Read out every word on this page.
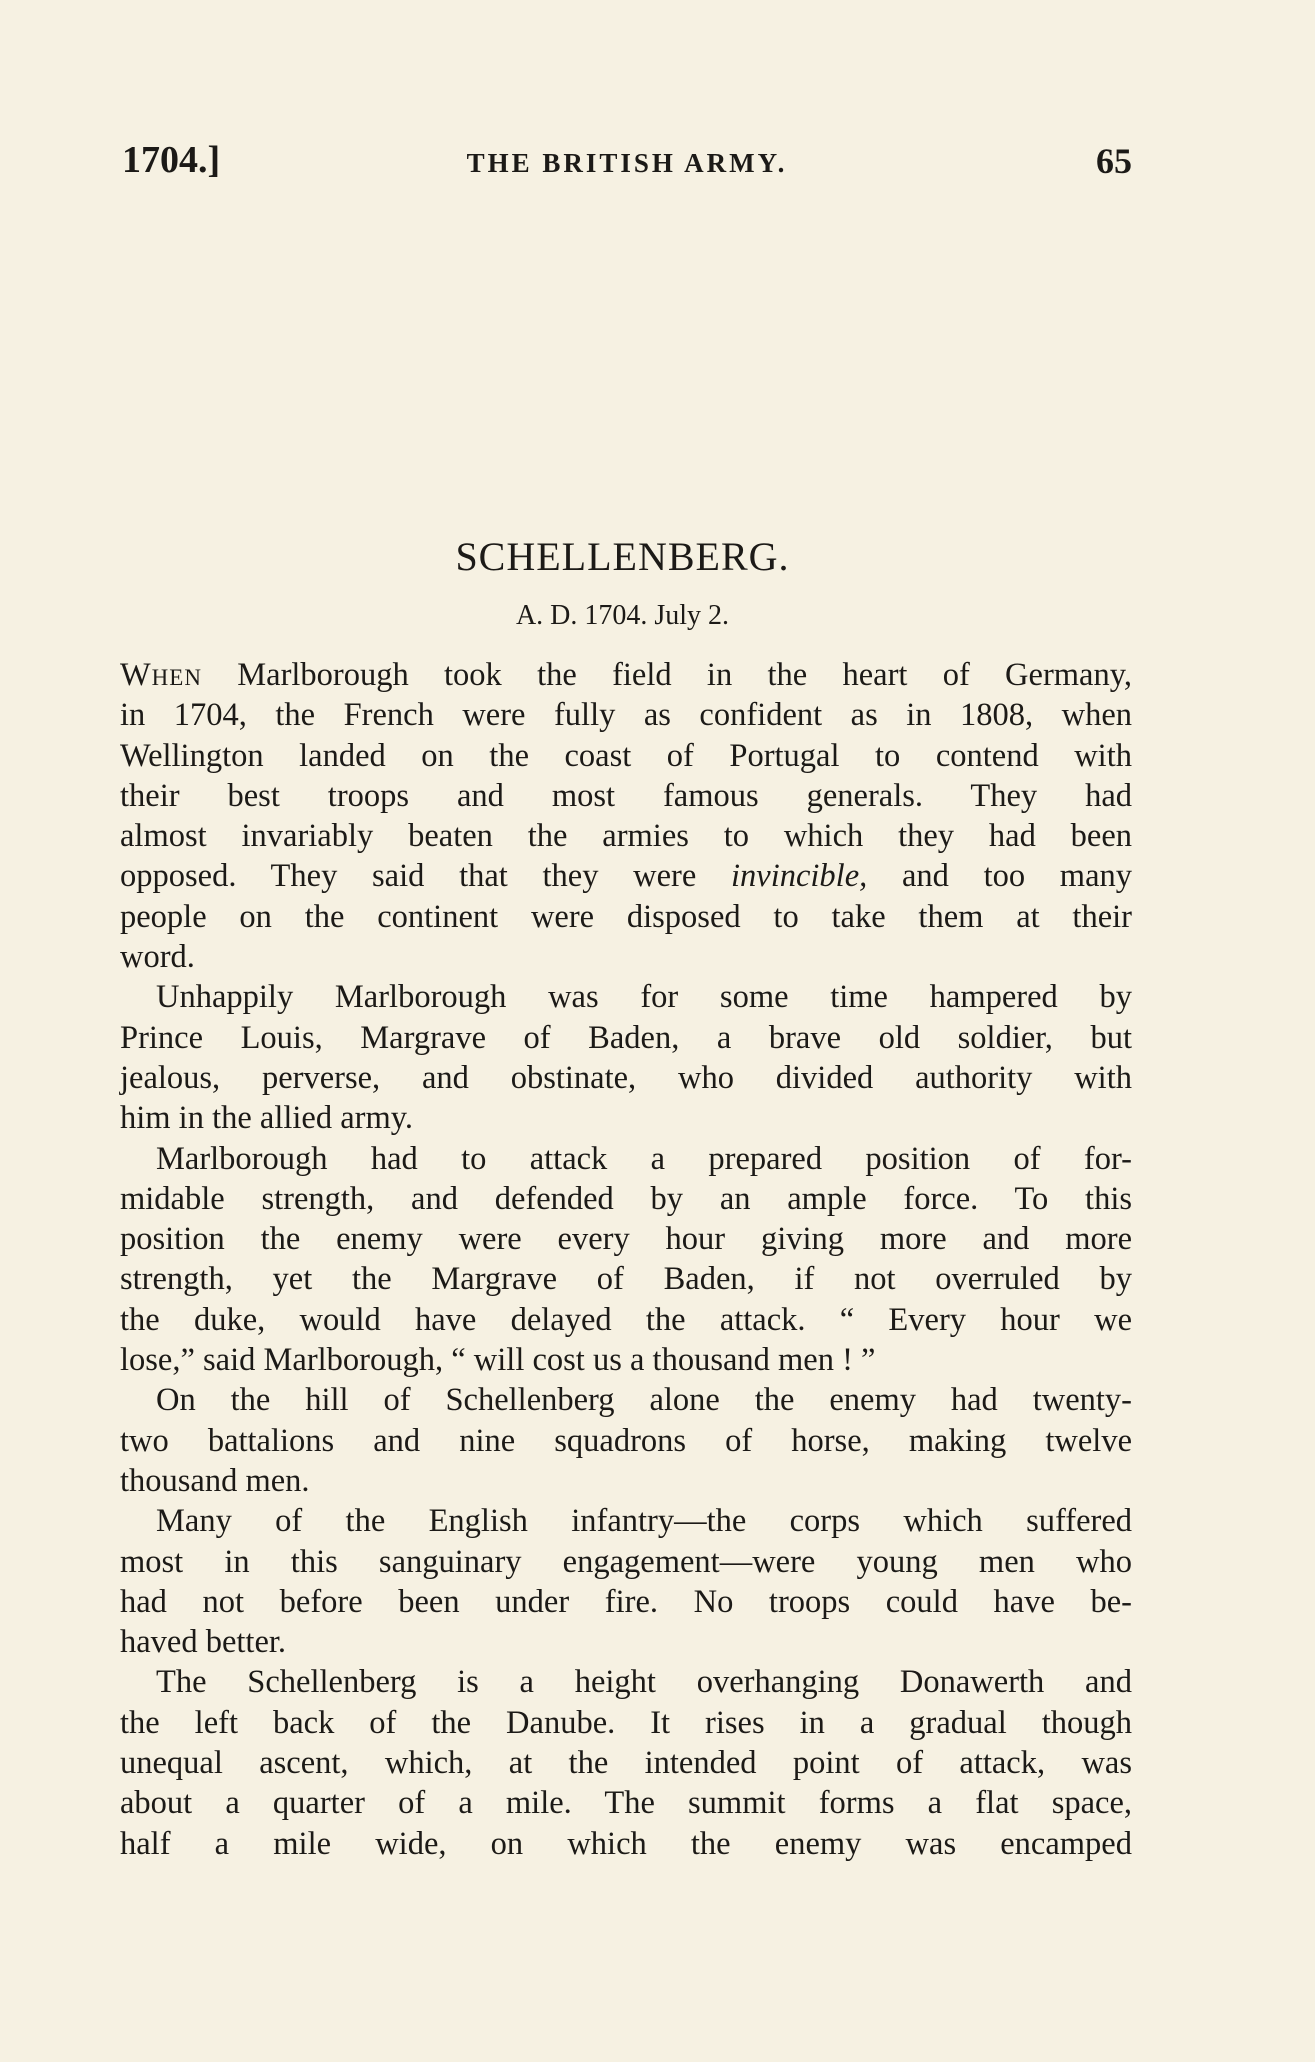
1704.]	THE BRITISH ARMY.	65
SCHELLENBERG.
A. D. 1704. July 2.
When Marlborough took the field in the heart of Germany,
in 1704, the French were fully as confident as in 1808, when
Wellington landed on the coast of Portugal to contend with
their best troops and most famous generals. They had
almost invariably beaten the armies to which they had been
opposed. They said that they were invincible, and too many
people on the continent were disposed to take them at their
word.
Unhappily Marlborough was for some time hampered by
Prince Louis, Margrave of Baden, a brave old soldier, but
jealous, perverse, and obstinate, who divided authority with
him in the allied army.
Marlborough had to attack a prepared position of for-
midable strength, and defended by an ample force. To this
position the enemy were every hour giving more and more
strength, yet the Margrave of Baden, if not overruled by
the duke, would have delayed the attack. “ Every hour we
lose,” said Marlborough, “ will cost us a thousand men ! ”
On the hill of Schellenberg alone the enemy had twenty-
two battalions and nine squadrons of horse, making twelve
thousand men.
Many of the English infantry—the corps which suffered
most in this sanguinary engagement—were young men who
had not before been under fire. No troops could have be-
haved better.
The Schellenberg is a height overhanging Donawerth and
the left back of the Danube. It rises in a gradual though
unequal ascent, which, at the intended point of attack, was
about a quarter of a mile. The summit forms a flat space,
half a mile wide, on which the enemy was encamped
